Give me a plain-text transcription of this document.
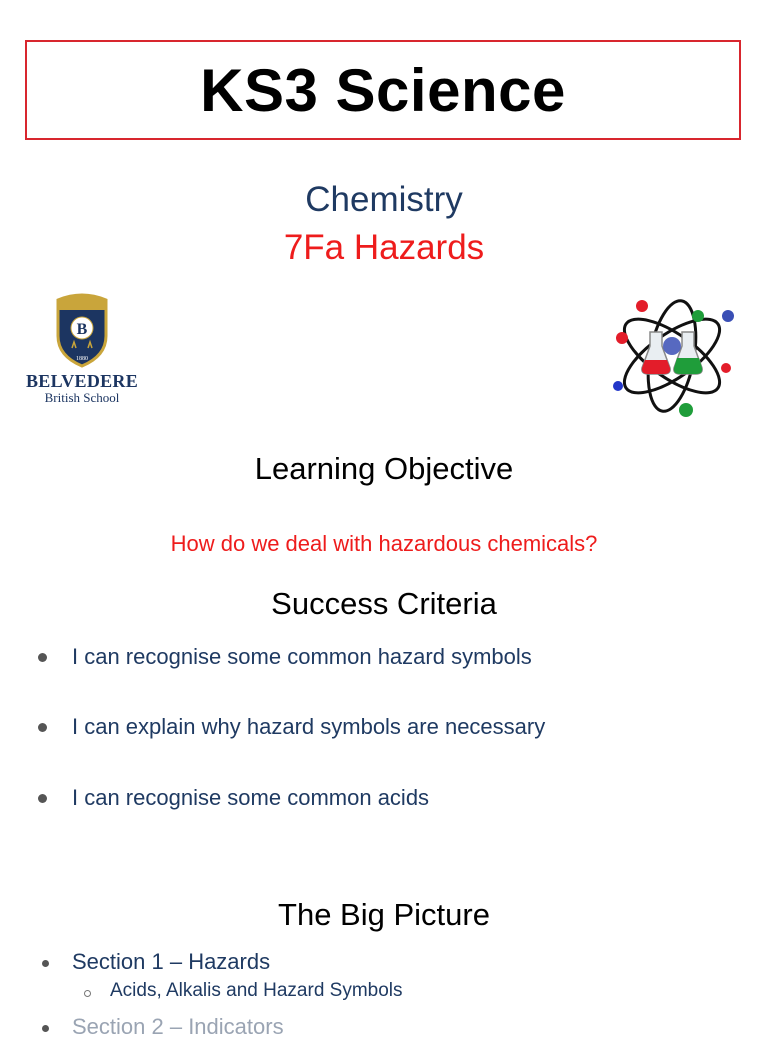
KS3 Science
Chemistry
7Fa Hazards
B
1880
BELVEDERE
British School
Learning Objective
How do we deal with hazardous chemicals?
Success Criteria
I can recognise some common hazard symbols
I can explain why hazard symbols are necessary
I can recognise some common acids
The Big Picture
Section 1 – Hazards
Acids, Alkalis and Hazard Symbols
Section 2 – Indicators
